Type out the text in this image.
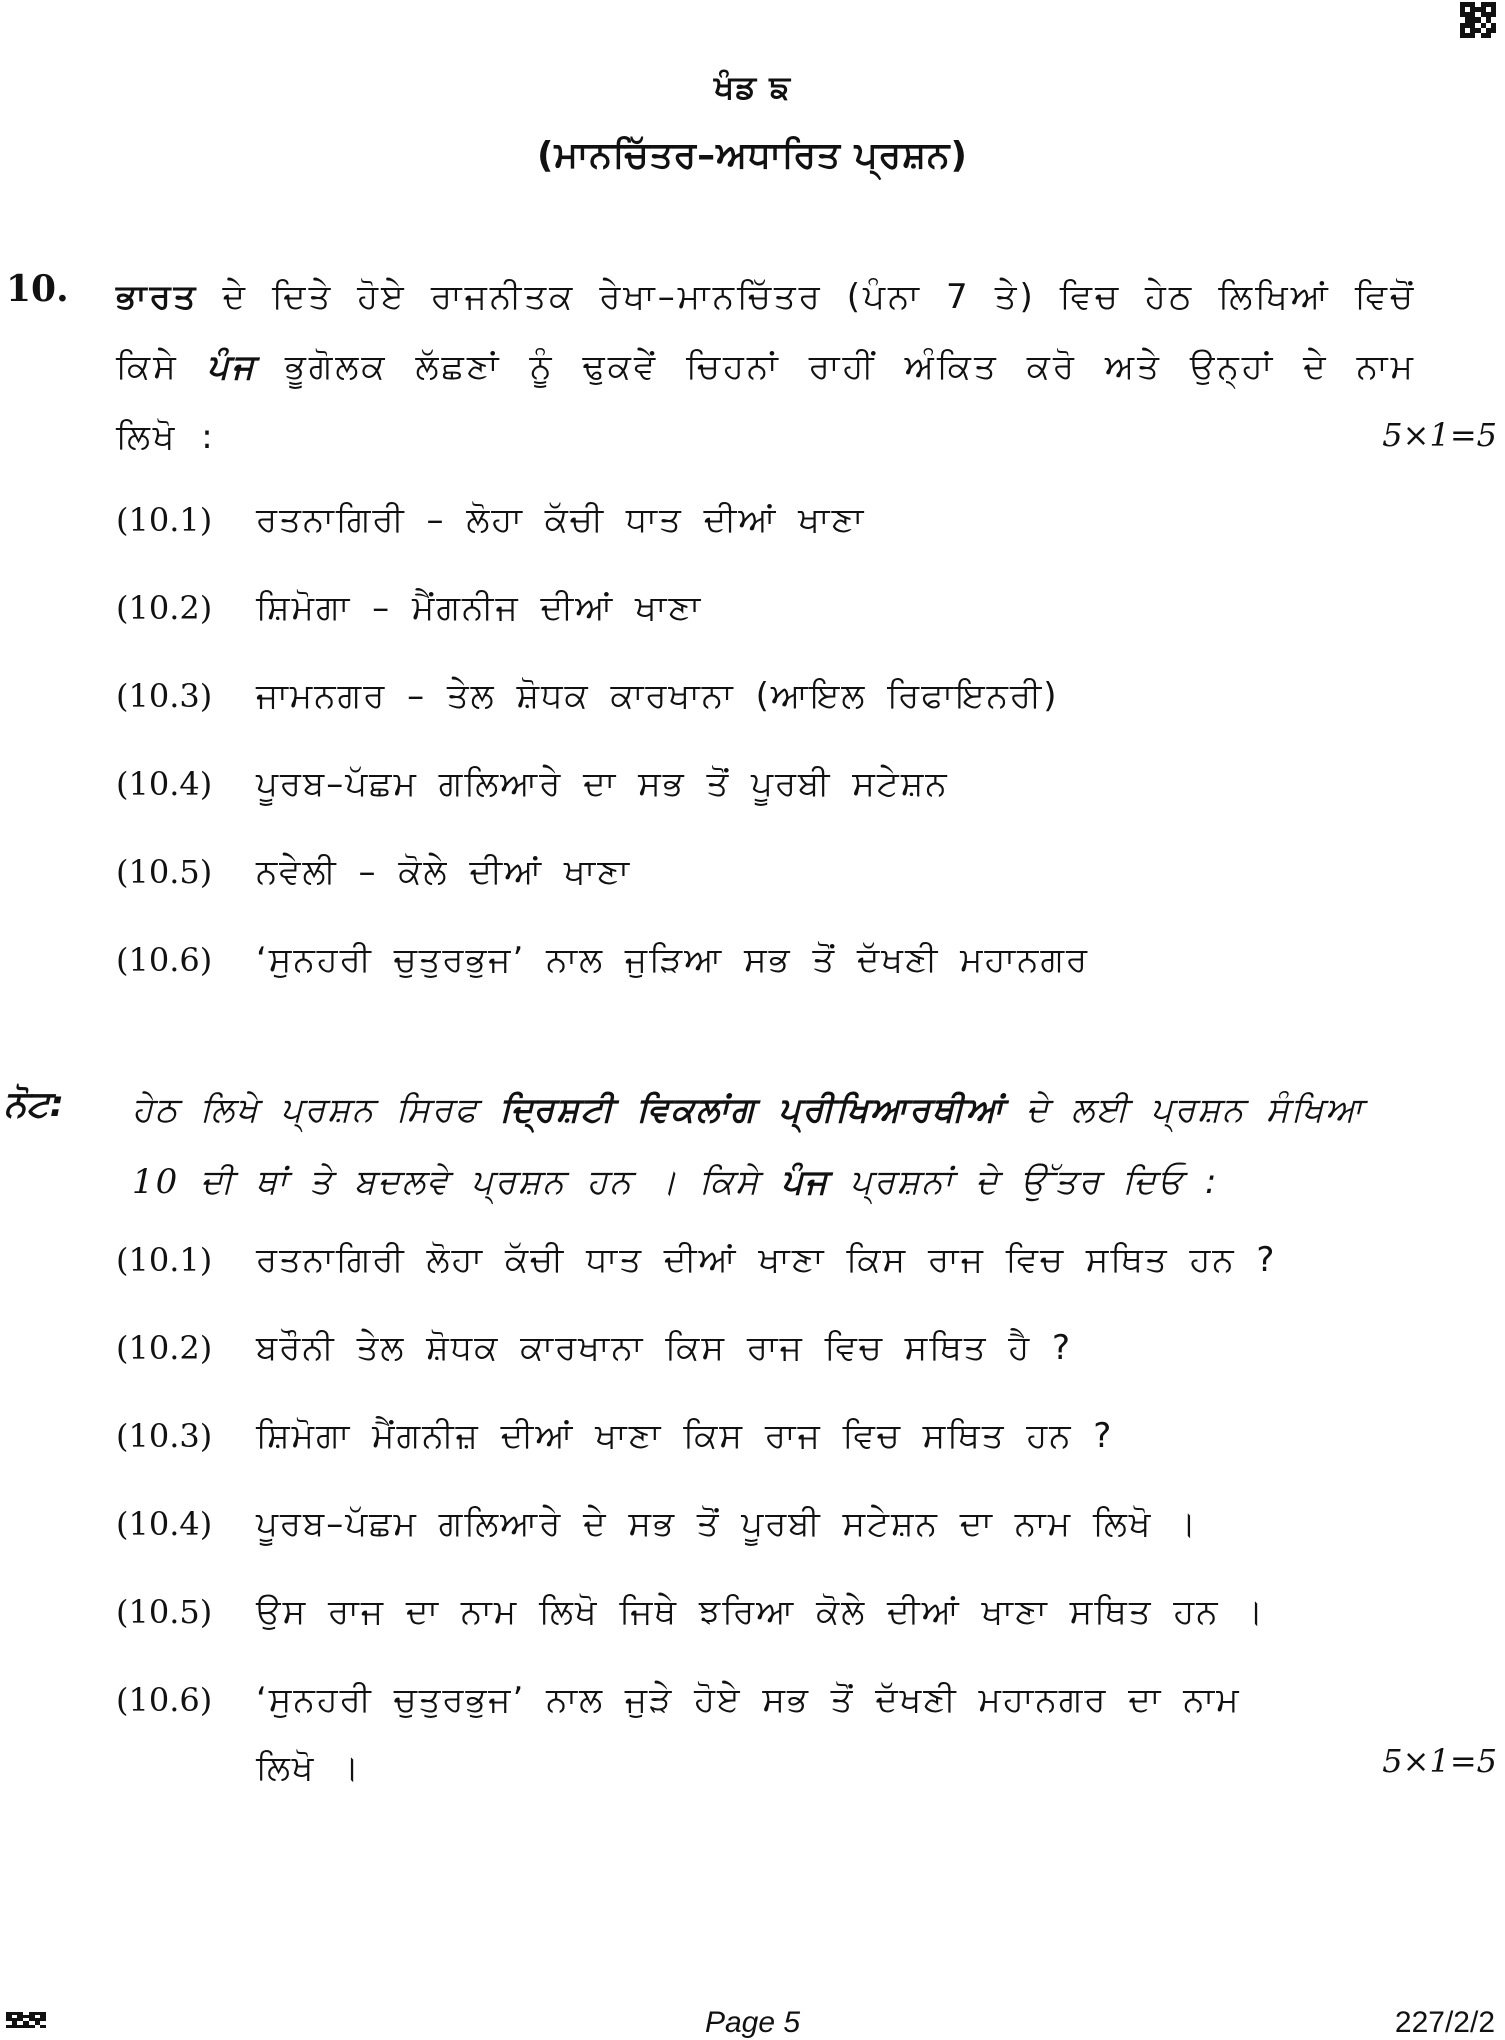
ਖੰਡ ਙ
(ਮਾਨਚਿੱਤਰ–ਅਧਾਰਿਤ ਪ੍ਰਸ਼ਨ)
10. ਭਾਰਤ ਦੇ ਦਿਤੇ ਹੋਏ ਰਾਜਨੀਤਕ ਰੇਖਾ–ਮਾਨਚਿੱਤਰ (ਪੰਨਾ 7 ਤੇ) ਵਿਚ ਹੇਠ ਲਿਖਿਆਂ ਵਿਚੋਂ ਕਿਸੇ ਪੰਜ ਭੂਗੋਲਕ ਲੱਛਣਾਂ ਨੂੰ ਢੁਕਵੇਂ ਚਿਹਨਾਂ ਰਾਹੀਂ ਅੰਕਿਤ ਕਰੋ ਅਤੇ ਉਨ੍ਹਾਂ ਦੇ ਨਾਮ ਲਿਖੋ :	5×1=5
(10.1) ਰਤਨਾਗਿਰੀ – ਲੋਹਾ ਕੱਚੀ ਧਾਤ ਦੀਆਂ ਖਾਣਾ
(10.2) ਸ਼ਿਮੋਗਾ – ਮੈਂਗਨੀਜ ਦੀਆਂ ਖਾਣਾ
(10.3) ਜਾਮਨਗਰ – ਤੇਲ ਸ਼ੋਧਕ ਕਾਰਖਾਨਾ (ਆਇਲ ਰਿਫਾਇਨਰੀ)
(10.4) ਪੂਰਬ–ਪੱਛਮ ਗਲਿਆਰੇ ਦਾ ਸਭ ਤੋਂ ਪੂਰਬੀ ਸਟੇਸ਼ਨ
(10.5) ਨਵੇਲੀ – ਕੋਲੇ ਦੀਆਂ ਖਾਣਾ
(10.6) ‘ਸੁਨਹਰੀ ਚੁਤੁਰਭੁਜ’ ਨਾਲ ਜੁੜਿਆ ਸਭ ਤੋਂ ਦੱਖਣੀ ਮਹਾਨਗਰ
ਨੋਟ: ਹੇਠ ਲਿਖੇ ਪ੍ਰਸ਼ਨ ਸਿਰਫ ਦ੍ਰਿਸ਼ਟੀ ਵਿਕਲਾਂਗ ਪ੍ਰੀਖਿਆਰਥੀਆਂ ਦੇ ਲਈ ਪ੍ਰਸ਼ਨ ਸੰਖਿਆ 10 ਦੀ ਥਾਂ ਤੇ ਬਦਲਵੇ ਪ੍ਰਸ਼ਨ ਹਨ । ਕਿਸੇ ਪੰਜ ਪ੍ਰਸ਼ਨਾਂ ਦੇ ਉੱਤਰ ਦਿਓ :
(10.1) ਰਤਨਾਗਿਰੀ ਲੋਹਾ ਕੱਚੀ ਧਾਤ ਦੀਆਂ ਖਾਣਾ ਕਿਸ ਰਾਜ ਵਿਚ ਸਥਿਤ ਹਨ ?
(10.2) ਬਰੌਨੀ ਤੇਲ ਸ਼ੋਧਕ ਕਾਰਖਾਨਾ ਕਿਸ ਰਾਜ ਵਿਚ ਸਥਿਤ ਹੈ ?
(10.3) ਸ਼ਿਮੋਗਾ ਮੈਂਗਨੀਜ਼ ਦੀਆਂ ਖਾਣਾ ਕਿਸ ਰਾਜ ਵਿਚ ਸਥਿਤ ਹਨ ?
(10.4) ਪੂਰਬ–ਪੱਛਮ ਗਲਿਆਰੇ ਦੇ ਸਭ ਤੋਂ ਪੂਰਬੀ ਸਟੇਸ਼ਨ ਦਾ ਨਾਮ ਲਿਖੋ ।
(10.5) ਉਸ ਰਾਜ ਦਾ ਨਾਮ ਲਿਖੋ ਜਿਥੇ ਝਰਿਆ ਕੋਲੇ ਦੀਆਂ ਖਾਣਾ ਸਥਿਤ ਹਨ ।
(10.6) ‘ਸੁਨਹਰੀ ਚੁਤੁਰਭੁਜ’ ਨਾਲ ਜੁੜੇ ਹੋਏ ਸਭ ਤੋਂ ਦੱਖਣੀ ਮਹਾਨਗਰ ਦਾ ਨਾਮ
ਲਿਖੋ ।	5×1=5
Page 5	227/2/2
